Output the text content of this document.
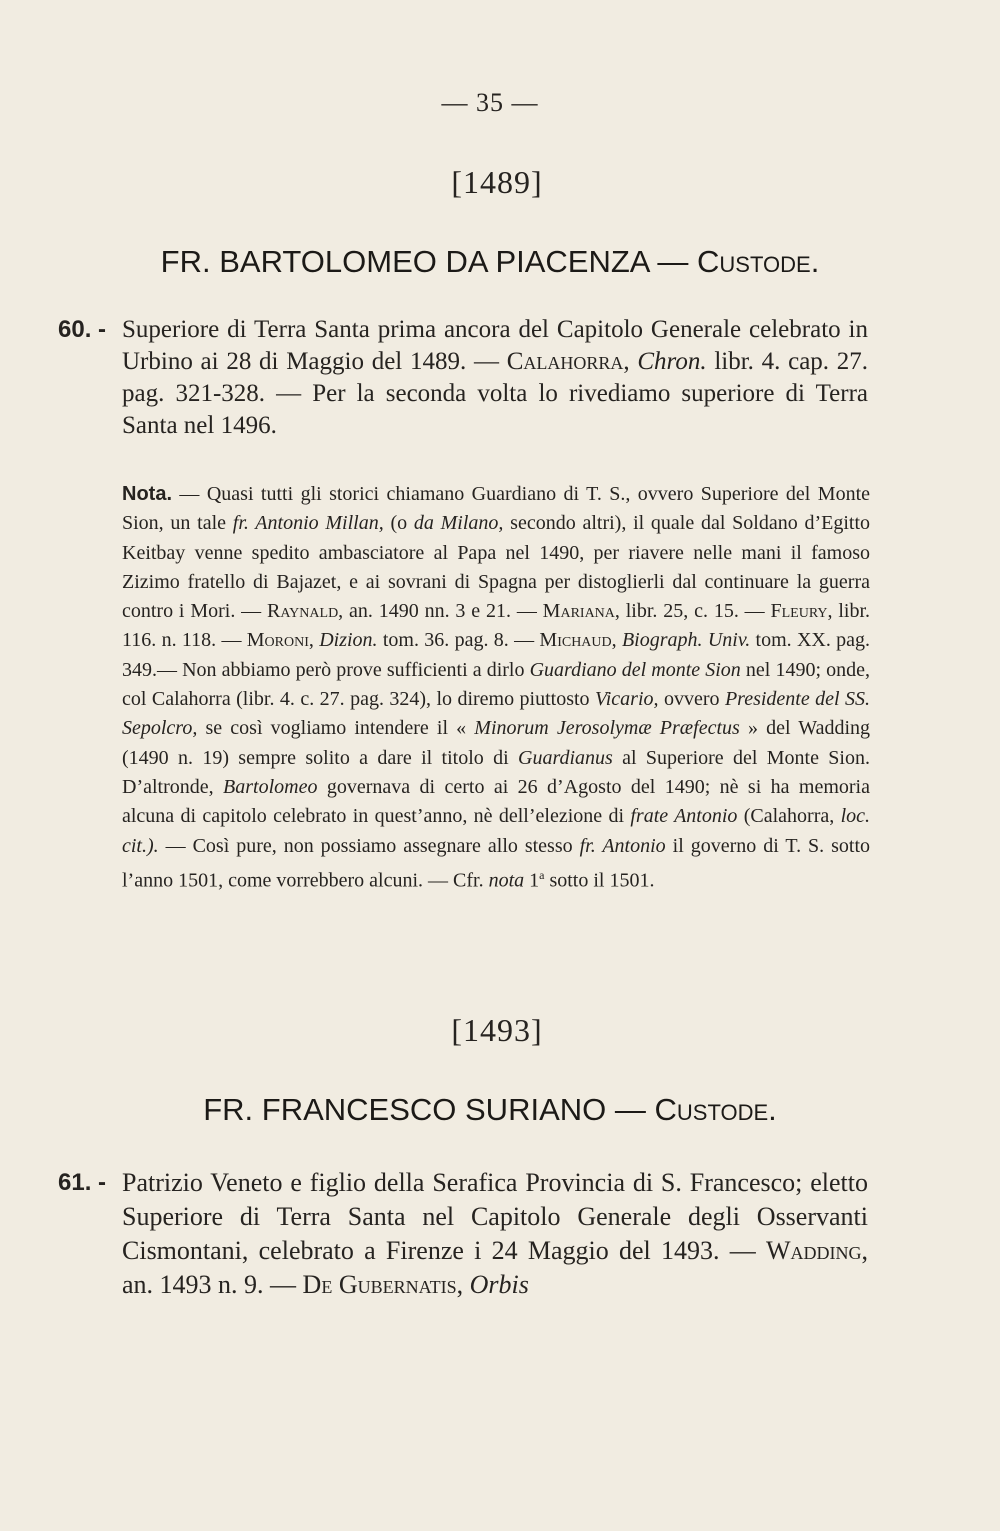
— 35 —
[1489]
FR. BARTOLOMEO DA PIACENZA — Custode.
60. - Superiore di Terra Santa prima ancora del Capitolo Generale celebrato in Urbino ai 28 di Maggio del 1489. — Calahorra, Chron. libr. 4. cap. 27. pag. 321-328. — Per la seconda volta lo rivediamo superiore di Terra Santa nel 1496.
Nota. — Quasi tutti gli storici chiamano Guardiano di T. S., ovvero Superiore del Monte Sion, un tale fr. Antonio Millan, (o da Milano, secondo altri), il quale dal Soldano d’Egitto Keitbay venne spedito ambasciatore al Papa nel 1490, per riavere nelle mani il famoso Zizimo fratello di Bajazet, e ai sovrani di Spagna per distoglierli dal continuare la guerra contro i Mori. — Raynald, an. 1490 nn. 3 e 21. — Mariana, libr. 25, c. 15. — Fleury, libr. 116. n. 118. — Moroni, Dizion. tom. 36. pag. 8. — Michaud, Biograph. Univ. tom. XX. pag. 349.— Non abbiamo però prove sufficienti a dirlo Guardiano del monte Sion nel 1490; onde, col Calahorra (libr. 4. c. 27. pag. 324), lo diremo piuttosto Vicario, ovvero Presidente del SS. Sepolcro, se così vogliamo intendere il « Minorum Jerosolymæ Præfectus » del Wadding (1490 n. 19) sempre solito a dare il titolo di Guardianus al Superiore del Monte Sion. D’altronde, Bartolomeo governava di certo ai 26 d’Agosto del 1490; nè si ha memoria alcuna di capitolo celebrato in quest’anno, nè dell’elezione di frate Antonio (Calahorra, loc. cit.). — Così pure, non possiamo assegnare allo stesso fr. Antonio il governo di T. S. sotto l’anno 1501, come vorrebbero alcuni. — Cfr. nota 1$^a$ sotto il 1501.
[1493]
FR. FRANCESCO SURIANO — Custode.
61. - Patrizio Veneto e figlio della Serafica Provincia di S. Francesco; eletto Superiore di Terra Santa nel Capitolo Generale degli Osservanti Cismontani, celebrato a Firenze i 24 Maggio del 1493. — Wadding, an. 1493 n. 9. — De Gubernatis, Orbis
